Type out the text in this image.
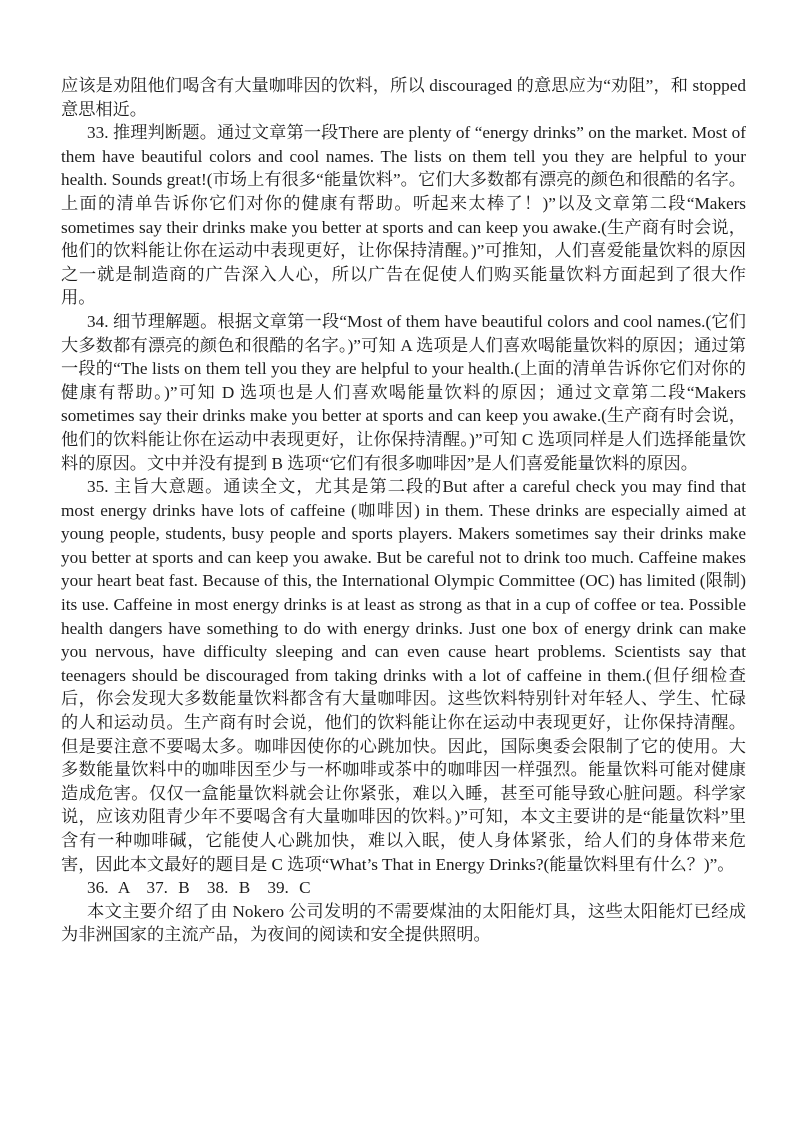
应该是劝阻他们喝含有大量咖啡因的饮料，所以 discouraged 的意思应为“劝阻”，和 stopped 意思相近。

33. 推理判断题。通过文章第一段There are plenty of “energy drinks” on the market. Most of them have beautiful colors and cool names. The lists on them tell you they are helpful to your health. Sounds great!(市场上有很多“能量饮料”。它们大多数都有漂亮的颜色和很酷的名字。上面的清单告诉你它们对你的健康有帮助。听起来太棒了！)”以及文章第二段“Makers sometimes say their drinks make you better at sports and can keep you awake.(生产商有时会说，他们的饮料能让你在运动中表现更好，让你保持清醒。)”可推知，人们喜爱能量饮料的原因之一就是制造商的广告深入人心，所以广告在促使人们购买能量饮料方面起到了很大作用。

34. 细节理解题。根据文章第一段“Most of them have beautiful colors and cool names.(它们大多数都有漂亮的颜色和很酷的名字。)”可知 A 选项是人们喜欢喝能量饮料的原因；通过第一段的“The lists on them tell you they are helpful to your health.(上面的清单告诉你它们对你的健康有帮助。)”可知 D 选项也是人们喜欢喝能量饮料的原因；通过文章第二段“Makers sometimes say their drinks make you better at sports and can keep you awake.(生产商有时会说，他们的饮料能让你在运动中表现更好，让你保持清醒。)”可知 C 选项同样是人们选择能量饮料的原因。文中并没有提到 B 选项“它们有很多咖啡因”是人们喜爱能量饮料的原因。

35. 主旨大意题。通读全文，尤其是第二段的But after a careful check you may find that most energy drinks have lots of caffeine (咖啡因) in them. These drinks are especially aimed at young people, students, busy people and sports players. Makers sometimes say their drinks make you better at sports and can keep you awake. But be careful not to drink too much. Caffeine makes your heart beat fast. Because of this, the International Olympic Committee (OC) has limited (限制) its use. Caffeine in most energy drinks is at least as strong as that in a cup of coffee or tea. Possible health dangers have something to do with energy drinks. Just one box of energy drink can make you nervous, have difficulty sleeping and can even cause heart problems. Scientists say that teenagers should be discouraged from taking drinks with a lot of caffeine in them.(但仔细检查后，你会发现大多数能量饮料都含有大量咖啡因。这些饮料特别针对年轻人、学生、忙碌的人和运动员。生产商有时会说，他们的饮料能让你在运动中表现更好，让你保持清醒。但是要注意不要喝太多。咖啡因使你的心跳加快。因此，国际奥委会限制了它的使用。大多数能量饮料中的咖啡因至少与一杯咖啡或茶中的咖啡因一样强烈。能量饮料可能对健康造成危害。仅仅一盒能量饮料就会让你紧张，难以入睡，甚至可能导致心脏问题。科学家说，应该劝阻青少年不要喝含有大量咖啡因的饮料。)”可知，本文主要讲的是“能量饮料”里含有一种咖啡碱，它能使人心跳加快，难以入眠，使人身体紧张，给人们的身体带来危害，因此本文最好的题目是 C 选项“What’s That in Energy Drinks?(能量饮料里有什么？)”。

36. A　37. B　38. B　39. C

本文主要介绍了由 Nokero 公司发明的不需要煤油的太阳能灯具，这些太阳能灯已经成为非洲国家的主流产品，为夜间的阅读和安全提供照明。
